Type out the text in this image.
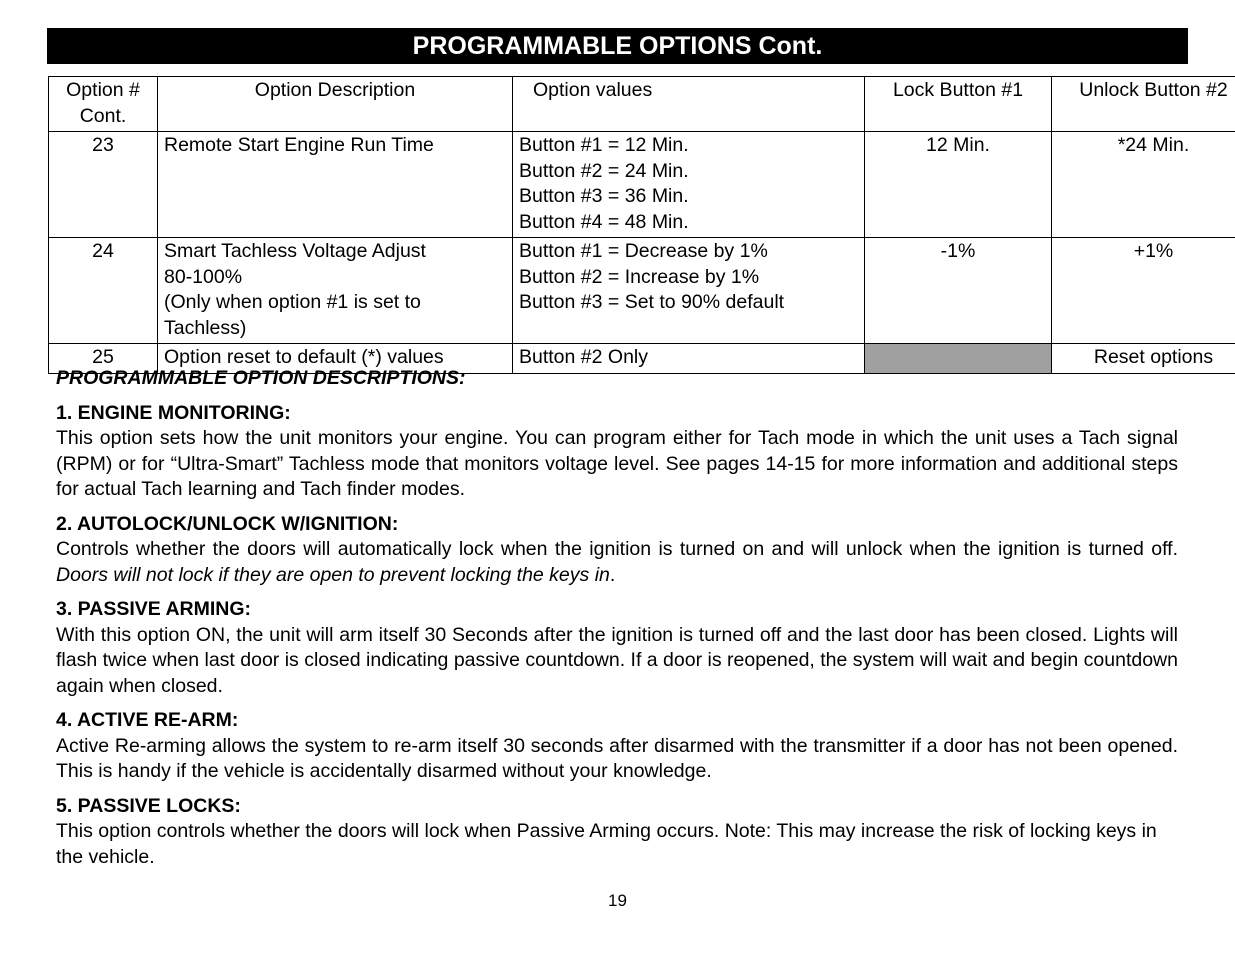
PROGRAMMABLE OPTIONS Cont.
Option #
Cont.	Option Description	Option values	Lock Button #1	Unlock Button #2
23	Remote Start Engine Run Time	Button #1 = 12 Min.
Button #2 = 24 Min.
Button #3 = 36 Min.
Button #4 = 48 Min.	12 Min.	*24 Min.
24	Smart Tachless Voltage Adjust
80-100%
(Only when option #1 is set to
Tachless)	Button #1 = Decrease by 1%
Button #2 = Increase by 1%
Button #3 = Set to 90% default	-1%	+1%
25	Option reset to default (*) values	Button #2 Only		Reset options
PROGRAMMABLE OPTION DESCRIPTIONS:
1. ENGINE MONITORING:

This option sets how the unit monitors your engine. You can program either for Tach mode in which the unit uses a Tach signal (RPM) or for “Ultra-Smart” Tachless mode that monitors voltage level. See pages 14-15 for more information and additional steps for actual Tach learning and Tach finder modes.

2. AUTOLOCK/UNLOCK W/IGNITION:

Controls whether the doors will automatically lock when the ignition is turned on and will unlock when the ignition is turned off.  Doors will not lock if they are open to prevent locking the keys in.

3. PASSIVE ARMING:

With this option ON, the unit will arm itself 30 Seconds after the ignition is turned off and the last door has been closed. Lights will flash twice when last door is closed indicating passive countdown. If a door is reopened, the system will wait and begin countdown again when closed.

4. ACTIVE RE-ARM:

Active Re-arming allows the system to re-arm itself 30 seconds after disarmed with the transmitter if a door has not been opened. This is handy if the vehicle is accidentally disarmed without your knowledge.

5. PASSIVE LOCKS:

This option controls whether the doors will lock when Passive Arming occurs. Note: This may increase the risk of locking keys in the vehicle.

19
